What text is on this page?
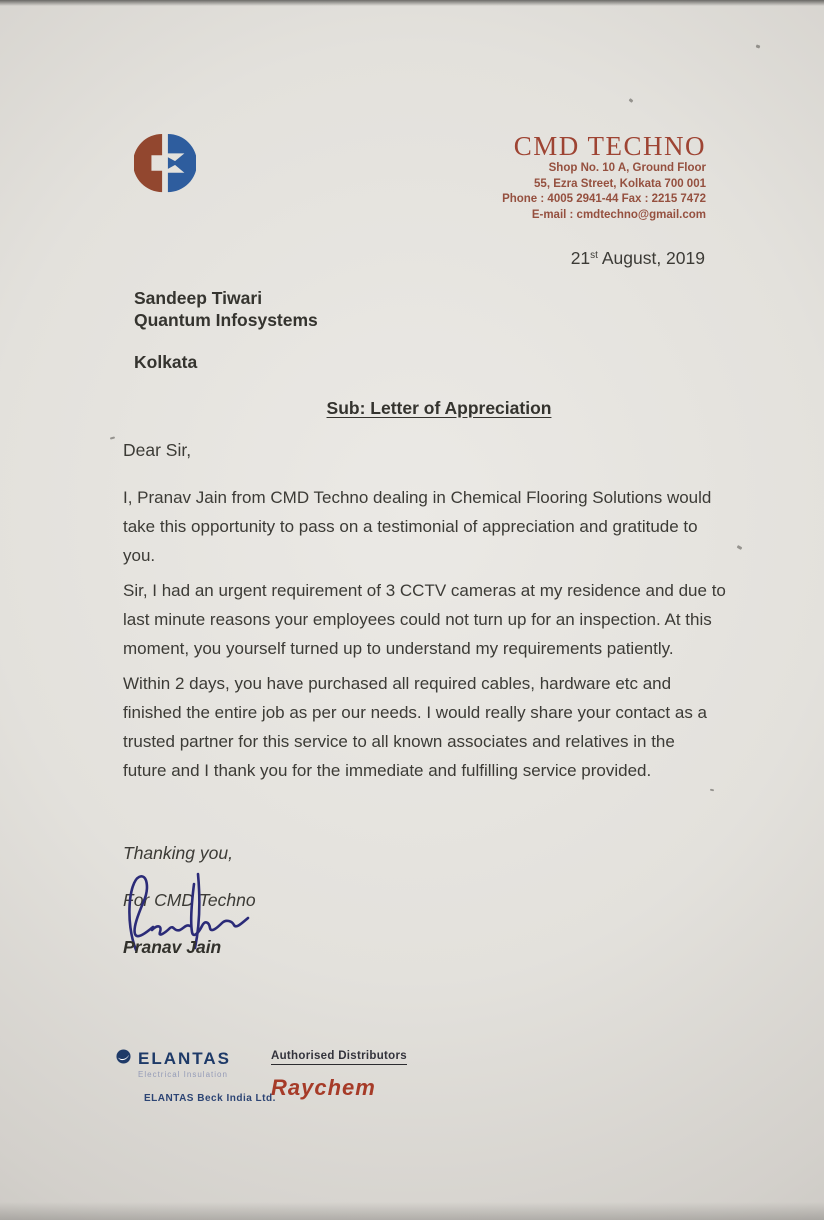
CMD TECHNO
Shop No. 10 A, Ground Floor
55, Ezra Street, Kolkata 700 001
Phone : 4005 2941-44 Fax : 2215 7472
E-mail : cmdtechno@gmail.com
21st August, 2019
Sandeep Tiwari
Quantum Infosystems
Kolkata
Sub: Letter of Appreciation
Dear Sir,
I, Pranav Jain from CMD Techno dealing in Chemical Flooring Solutions would
take this opportunity to pass on a testimonial of appreciation and gratitude to
you.
Sir, I had an urgent requirement of 3 CCTV cameras at my residence and due to
last minute reasons your employees could not turn up for an inspection. At this
moment, you yourself turned up to understand my requirements patiently.
Within 2 days, you have purchased all required cables, hardware etc and
finished the entire job as per our needs. I would really share your contact as a
trusted partner for this service to all known associates and relatives in the
future and I thank you for the immediate and fulfilling service provided.
Thanking you,
For CMD Techno
Pranav Jain
ELANTAS
Electrical Insulation
ELANTAS Beck India Ltd.
Authorised Distributors
Raychem
